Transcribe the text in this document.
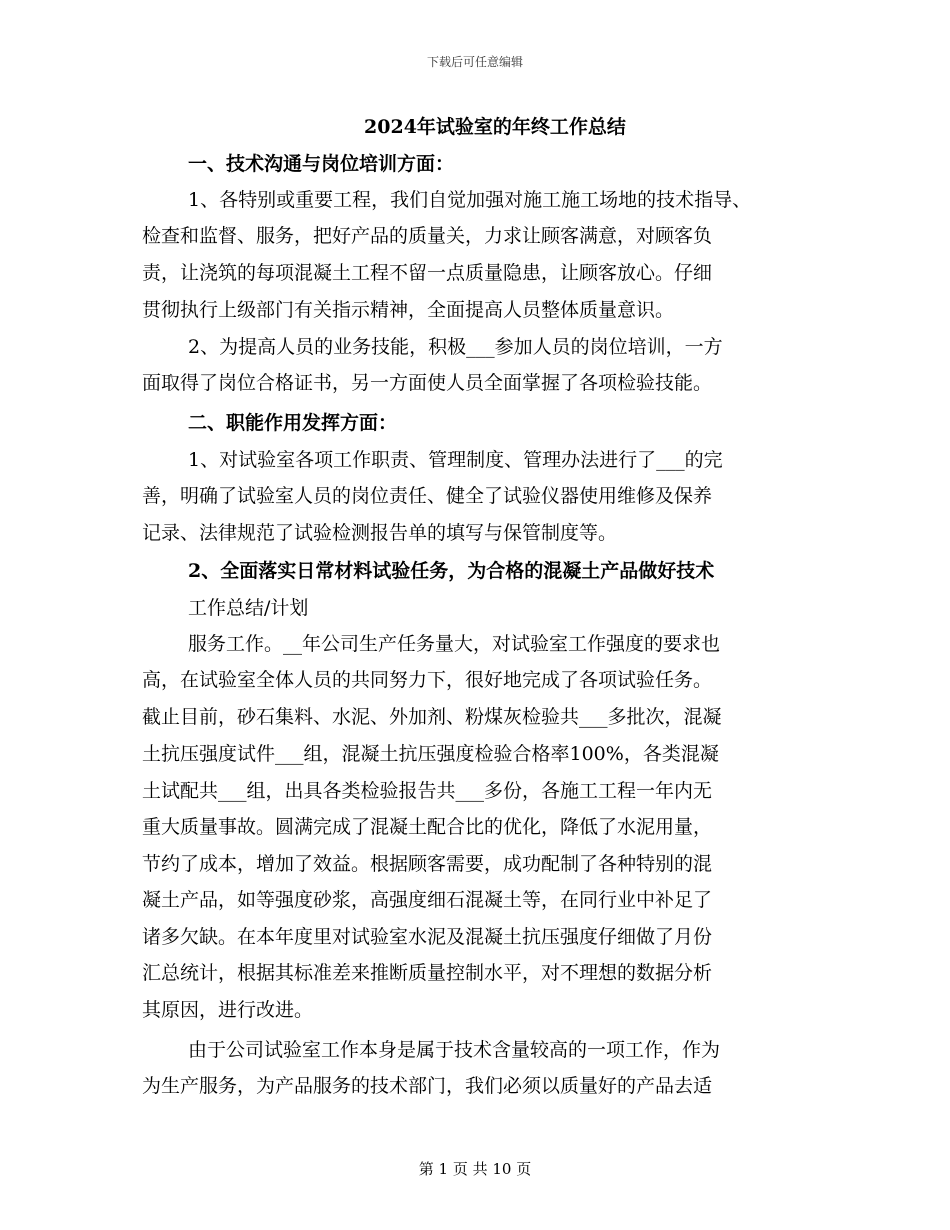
下载后可任意编辑
2024年试验室的年终工作总结
一、技术沟通与岗位培训方面：
1、各特别或重要工程，我们自觉加强对施工施工场地的技术指导、
检查和监督、服务，把好产品的质量关，力求让顾客满意，对顾客负
责，让浇筑的每项混凝土工程不留一点质量隐患，让顾客放心。仔细
贯彻执行上级部门有关指示精神，全面提高人员整体质量意识。
2、为提高人员的业务技能，积极___参加人员的岗位培训，一方
面取得了岗位合格证书，另一方面使人员全面掌握了各项检验技能。
二、职能作用发挥方面：
1、对试验室各项工作职责、管理制度、管理办法进行了___的完
善，明确了试验室人员的岗位责任、健全了试验仪器使用维修及保养
记录、法律规范了试验检测报告单的填写与保管制度等。
2、全面落实日常材料试验任务，为合格的混凝土产品做好技术
工作总结/计划
服务工作。__年公司生产任务量大，对试验室工作强度的要求也
高，在试验室全体人员的共同努力下，很好地完成了各项试验任务。
截止目前，砂石集料、水泥、外加剂、粉煤灰检验共___多批次，混凝
土抗压强度试件___组，混凝土抗压强度检验合格率100%，各类混凝
土试配共___组，出具各类检验报告共___多份，各施工工程一年内无
重大质量事故。圆满完成了混凝土配合比的优化，降低了水泥用量，
节约了成本，增加了效益。根据顾客需要，成功配制了各种特别的混
凝土产品，如等强度砂浆，高强度细石混凝土等，在同行业中补足了
诸多欠缺。在本年度里对试验室水泥及混凝土抗压强度仔细做了月份
汇总统计，根据其标准差来推断质量控制水平，对不理想的数据分析
其原因，进行改进。
由于公司试验室工作本身是属于技术含量较高的一项工作，作为
为生产服务，为产品服务的技术部门，我们必须以质量好的产品去适
第 1 页 共 10 页
